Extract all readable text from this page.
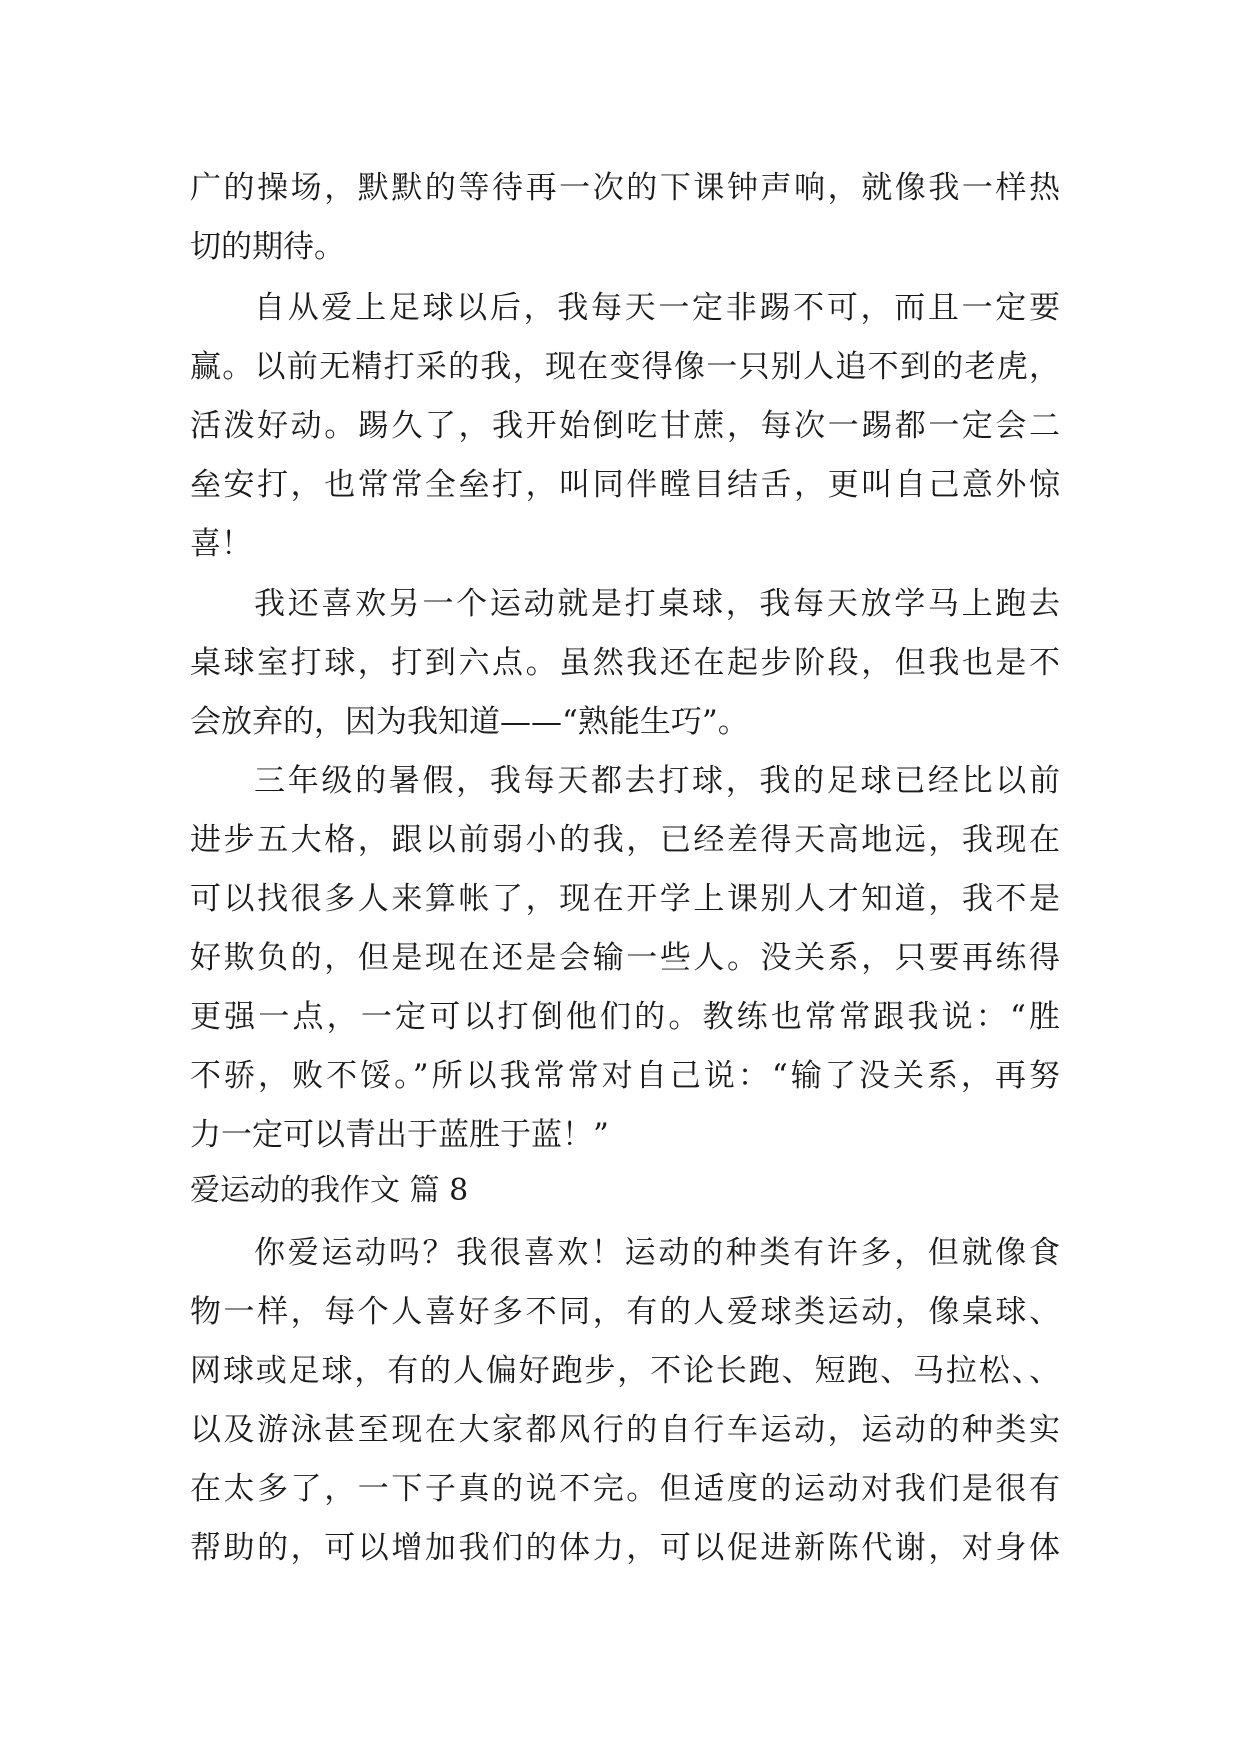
广的操场，默默的等待再一次的下课钟声响，就像我一样热
切的期待。
自从爱上足球以后，我每天一定非踢不可，而且一定要
赢。以前无精打采的我，现在变得像一只别人追不到的老虎，
活泼好动。踢久了，我开始倒吃甘蔗，每次一踢都一定会二
垒安打，也常常全垒打，叫同伴瞠目结舌，更叫自己意外惊
喜！
我还喜欢另一个运动就是打桌球，我每天放学马上跑去
桌球室打球，打到六点。虽然我还在起步阶段，但我也是不
会放弃的，因为我知道——“熟能生巧”。
三年级的暑假，我每天都去打球，我的足球已经比以前
进步五大格，跟以前弱小的我，已经差得天高地远，我现在
可以找很多人来算帐了，现在开学上课别人才知道，我不是
好欺负的，但是现在还是会输一些人。没关系，只要再练得
更强一点，一定可以打倒他们的。教练也常常跟我说：“胜
不骄，败不馁。”所以我常常对自己说：“输了没关系，再努
力一定可以青出于蓝胜于蓝！”
爱运动的我作文 篇 8
你爱运动吗？我很喜欢！运动的种类有许多，但就像食
物一样，每个人喜好多不同，有的人爱球类运动，像桌球、
网球或足球，有的人偏好跑步，不论长跑、短跑、马拉松、、
以及游泳甚至现在大家都风行的自行车运动，运动的种类实
在太多了，一下子真的说不完。但适度的运动对我们是很有
帮助的，可以增加我们的体力，可以促进新陈代谢，对身体
